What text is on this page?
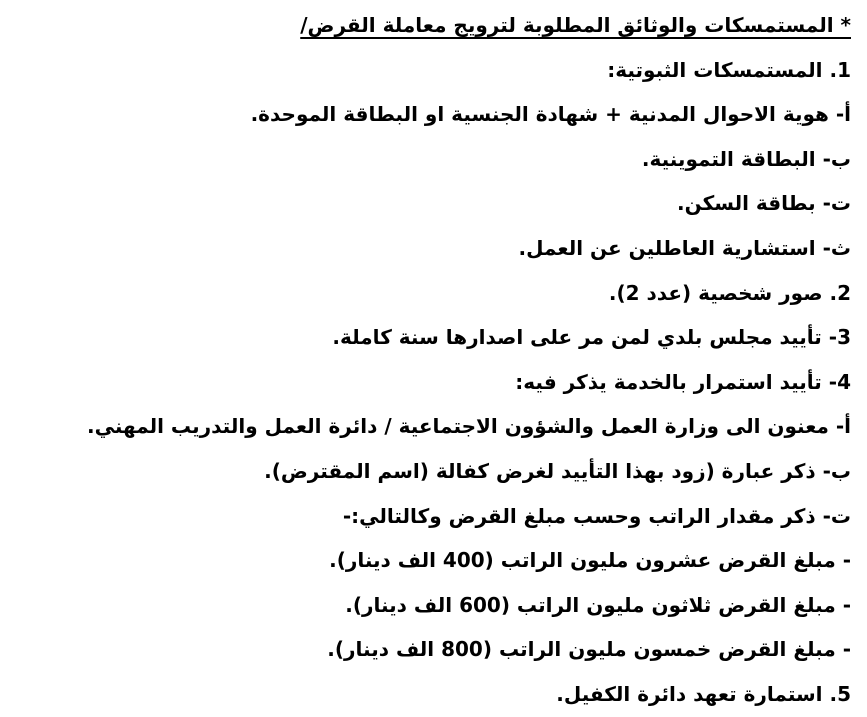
* المستمسكات والوثائق المطلوبة لترويج معاملة القرض/
1. المستمسكات الثبوتية:
أ- هوية الاحوال المدنية + شهادة الجنسية او البطاقة الموحدة.
ب- البطاقة التموينية.
ت- بطاقة السكن.
ث- استشارية العاطلين عن العمل.
2. صور شخصية (عدد 2).
3- تأييد مجلس بلدي لمن مر على اصدارها سنة كاملة.
4- تأييد استمرار بالخدمة يذكر فيه:
أ- معنون الى وزارة العمل والشؤون الاجتماعية / دائرة العمل والتدريب المهني.
ب- ذكر عبارة (زود بهذا التأييد لغرض كفالة (اسم المقترض).
ت- ذكر مقدار الراتب وحسب مبلغ القرض وكالتالي:-
- مبلغ القرض عشرون مليون الراتب (400 الف دينار).
- مبلغ القرض ثلاثون مليون الراتب (600 الف دينار).
- مبلغ القرض خمسون مليون الراتب (800 الف دينار).
5. استمارة تعهد دائرة الكفيل.
